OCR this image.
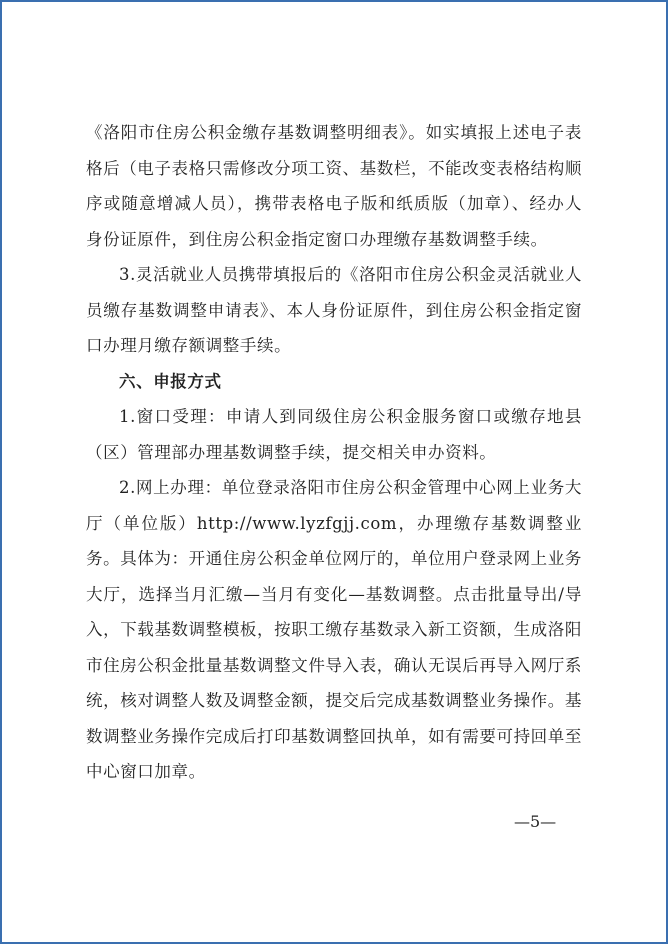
《洛阳市住房公积金缴存基数调整明细表》。如实填报上述电子表格后（电子表格只需修改分项工资、基数栏，不能改变表格结构顺序或随意增减人员），携带表格电子版和纸质版（加章）、经办人身份证原件，到住房公积金指定窗口办理缴存基数调整手续。

3.灵活就业人员携带填报后的《洛阳市住房公积金灵活就业人员缴存基数调整申请表》、本人身份证原件，到住房公积金指定窗口办理月缴存额调整手续。

六、申报方式

1.窗口受理：申请人到同级住房公积金服务窗口或缴存地县（区）管理部办理基数调整手续，提交相关申办资料。

2.网上办理：单位登录洛阳市住房公积金管理中心网上业务大厅（单位版）http://www.lyzfgjj.com，办理缴存基数调整业务。具体为：开通住房公积金单位网厅的，单位用户登录网上业务大厅，选择当月汇缴—当月有变化—基数调整。点击批量导出/导入，下载基数调整模板，按职工缴存基数录入新工资额，生成洛阳市住房公积金批量基数调整文件导入表，确认无误后再导入网厅系统，核对调整人数及调整金额，提交后完成基数调整业务操作。基数调整业务操作完成后打印基数调整回执单，如有需要可持回单至中心窗口加章。

—5—
